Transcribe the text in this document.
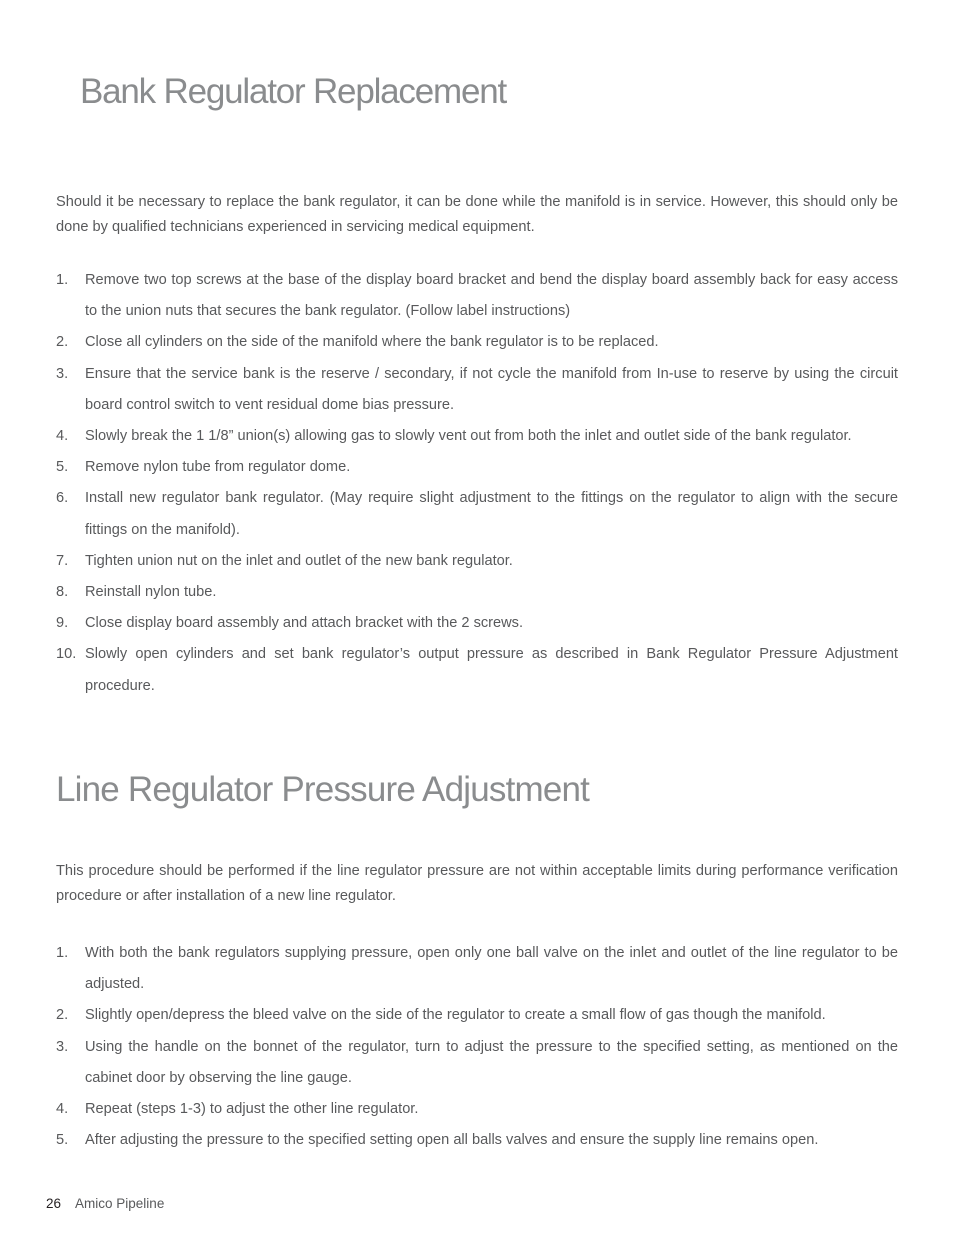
Bank Regulator Replacement

Should it be necessary to replace the bank regulator, it can be done while the manifold is in service. However, this should only be done by qualified technicians experienced in servicing medical equipment.

1.	Remove two top screws at the base of the display board bracket and bend the display board assembly back for easy access to the union nuts that secures the bank regulator. (Follow label instructions)
2.	Close all cylinders on the side of the manifold where the bank regulator is to be replaced.
3.	Ensure that the service bank is the reserve / secondary, if not cycle the manifold from In-use to reserve by using the circuit board control switch to vent residual dome bias pressure.
4.	Slowly break the 1 1/8” union(s) allowing gas to slowly vent out from both the inlet and outlet side of the bank regulator.
5.	Remove nylon tube from regulator dome.
6.	Install new regulator bank regulator. (May require slight adjustment to the fittings on the regulator to align with the secure fittings on the manifold).
7.	Tighten union nut on the inlet and outlet of the new bank regulator.
8.	Reinstall nylon tube.
9.	Close display board assembly and attach bracket with the 2 screws.
10. Slowly open cylinders and set bank regulator’s output pressure as described in Bank Regulator Pressure Adjustment procedure.
Line Regulator Pressure Adjustment

This procedure should be performed if the line regulator pressure are not within acceptable limits during performance verification procedure or after installation of a new line regulator.

1.	With both the bank regulators supplying pressure, open only one ball valve on the inlet and outlet of the line regulator to be adjusted.
2.	Slightly open/depress the bleed valve on the side of the regulator to create a small flow of gas though the manifold.
3.	Using the handle on the bonnet of the regulator, turn to adjust the pressure to the specified setting, as mentioned on the cabinet door by observing the line gauge.
4.	Repeat (steps 1-3) to adjust the other line regulator.
5.	After adjusting the pressure to the specified setting open all balls valves and ensure the supply line remains open.
26 Amico Pipeline
